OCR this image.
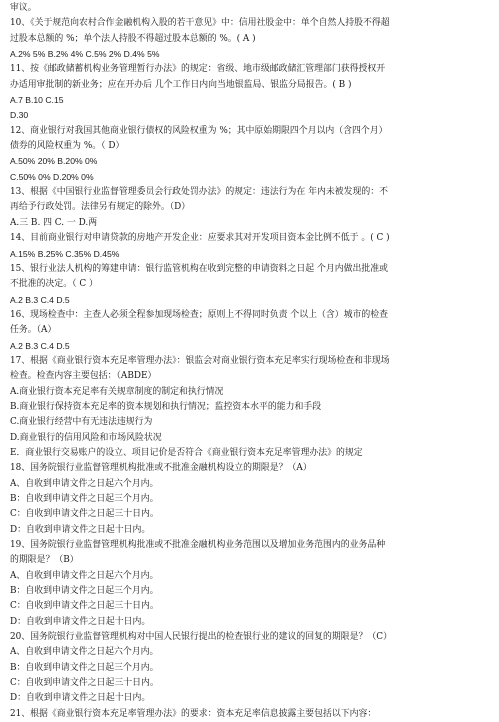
审议。
10、《关于规范向农村合作金融机构入股的若干意见》中：信用社股金中：单个自然人持股不得超
过股本总额的 %；单个法人持股不得超过股本总额的 %。( A )
A.2% 5% B.2% 4% C.5% 2% D.4% 5%
11、按《邮政储蓄机构业务管理暂行办法》的规定：省级、地市级邮政储汇管理部门获得授权开
办适用审批制的新业务；应在开办后 几个工作日内向当地银监局、银监分局报告。( B )
A.7 B.10 C.15
D.30
12、商业银行对我国其他商业银行债权的风险权重为 %；其中原始期限四个月以内（含四个月）
债券的风险权重为 %。（ D）
A.50% 20% B.20% 0%
C.50% 0% D.20% 0%
13、根据《中国银行业监督管理委员会行政处罚办法》的规定：违法行为在 年内未被发现的：不
再给予行政处罚。法律另有规定的除外。（D）
A.三 B. 四 C. 一 D.两
14、目前商业银行对申请贷款的房地产开发企业：应要求其对开发项目资本金比例不低于 。( C )
A.15% B.25% C.35% D.45%
15、银行业法人机构的筹建申请：银行监管机构在收到完整的申请资料之日起 个月内做出批准或
不批准的决定。（ C ）
A.2 B.3 C.4 D.5
16、现场检查中：主查人必须全程参加现场检查；原则上不得同时负责 个以上（含）城市的检查
任务。（A）
A.2 B.3 C.4 D.5
17、根据《商业银行资本充足率管理办法》：银监会对商业银行资本充足率实行现场检查和非现场
检查。检查内容主要包括：（ABDE）
A.商业银行资本充足率有关规章制度的制定和执行情况
B.商业银行保持资本充足率的资本规划和执行情况；监控资本水平的能力和手段
C.商业银行经营中有无违法违规行为
D.商业银行的信用风险和市场风险状况
E．商业银行交易账户的设立、项目记价是否符合《商业银行资本充足率管理办法》的规定
18、国务院银行业监督管理机构批准或不批准金融机构设立的期限是？（A）
A、自收到申请文件之日起六个月内。
B：自收到申请文件之日起三个月内。
C：自收到申请文件之日起三十日内。
D：自收到申请文件之日起十日内。
19、国务院银行业监督管理机构批准或不批准金融机构业务范围以及增加业务范围内的业务品种
的期限是？（B）
A、自收到申请文件之日起六个月内。
B：自收到申请文件之日起三个月内。
C：自收到申请文件之日起三十日内。
D：自收到申请文件之日起十日内。
20、国务院银行业监督管理机构对中国人民银行提出的检查银行业的建议的回复的期限是？（C）
A、自收到申请文件之日起六个月内。
B：自收到申请文件之日起三个月内。
C：自收到申请文件之日起三十日内。
D：自收到申请文件之日起十日内。
21、根据《商业银行资本充足率管理办法》的要求：资本充足率信息披露主要包括以下内容：
